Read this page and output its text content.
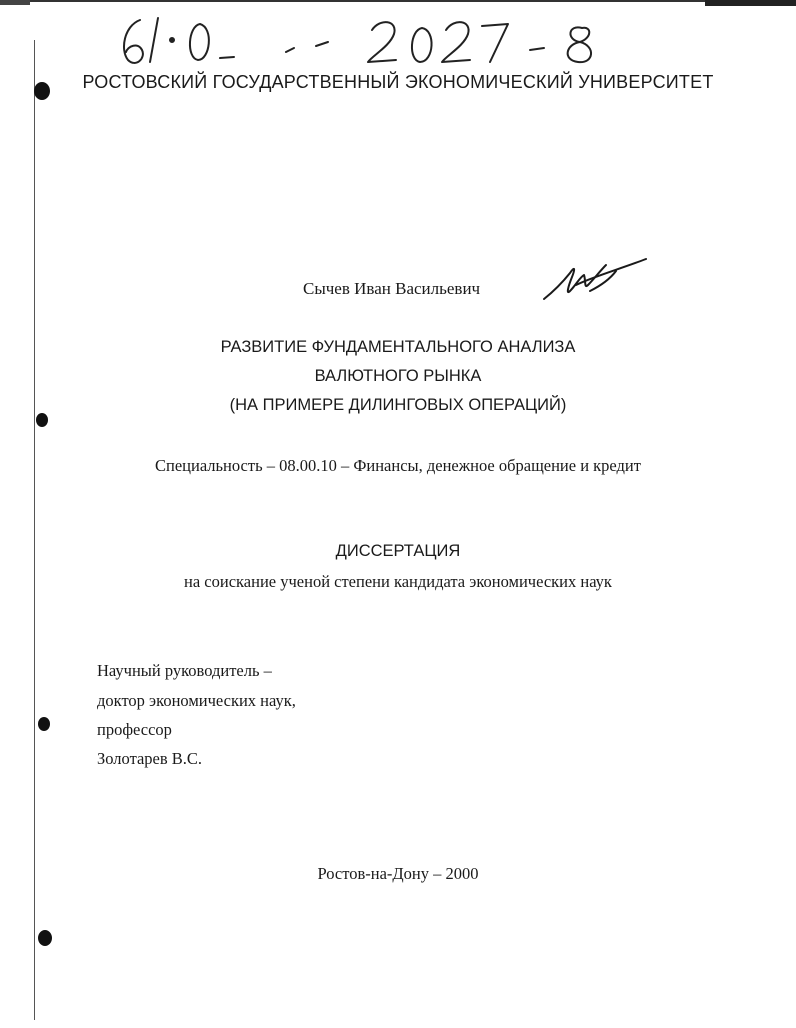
РОСТОВСКИЙ ГОСУДАРСТВЕННЫЙ ЭКОНОМИЧЕСКИЙ УНИВЕРСИТЕТ
Сычев Иван Васильевич
РАЗВИТИЕ ФУНДАМЕНТАЛЬНОГО АНАЛИЗА
ВАЛЮТНОГО РЫНКА
(НА ПРИМЕРЕ ДИЛИНГОВЫХ ОПЕРАЦИЙ)
Специальность – 08.00.10 – Финансы, денежное обращение и кредит
ДИССЕРТАЦИЯ
на соискание ученой степени кандидата экономических наук
Научный руководитель –
доктор экономических наук,
профессор
Золотарев В.С.
Ростов-на-Дону – 2000
